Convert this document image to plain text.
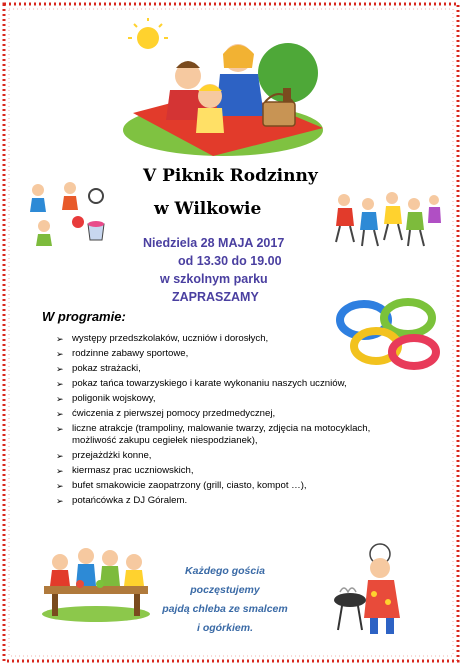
V Piknik Rodzinny
w Wilkowie
Niedziela 28 MAJA 2017
od 13.30 do 19.00
w szkolnym parku
ZAPRASZAMY
W programie:
➢ występy przedszkolaków, uczniów i dorosłych,
➢ rodzinne zabawy sportowe,
➢ pokaz strażacki,
➢ pokaz tańca towarzyskiego i karate wykonaniu naszych uczniów,
➢ poligonik wojskowy,
➢ ćwiczenia z pierwszej pomocy przedmedycznej,
➢ liczne atrakcje (trampoliny, malowanie twarzy, zdjęcia na motocyklach,
możliwość zakupu cegiełek niespodzianek),
➢ przejażdżki konne,
➢ kiermasz prac uczniowskich,
➢ bufet smakowicie zaopatrzony (grill, ciasto, kompot …),
➢ potańcówka z DJ Góralem.
Każdego gościa poczęstujemy
pajdą chleba ze smalcem
i ogórkiem.
